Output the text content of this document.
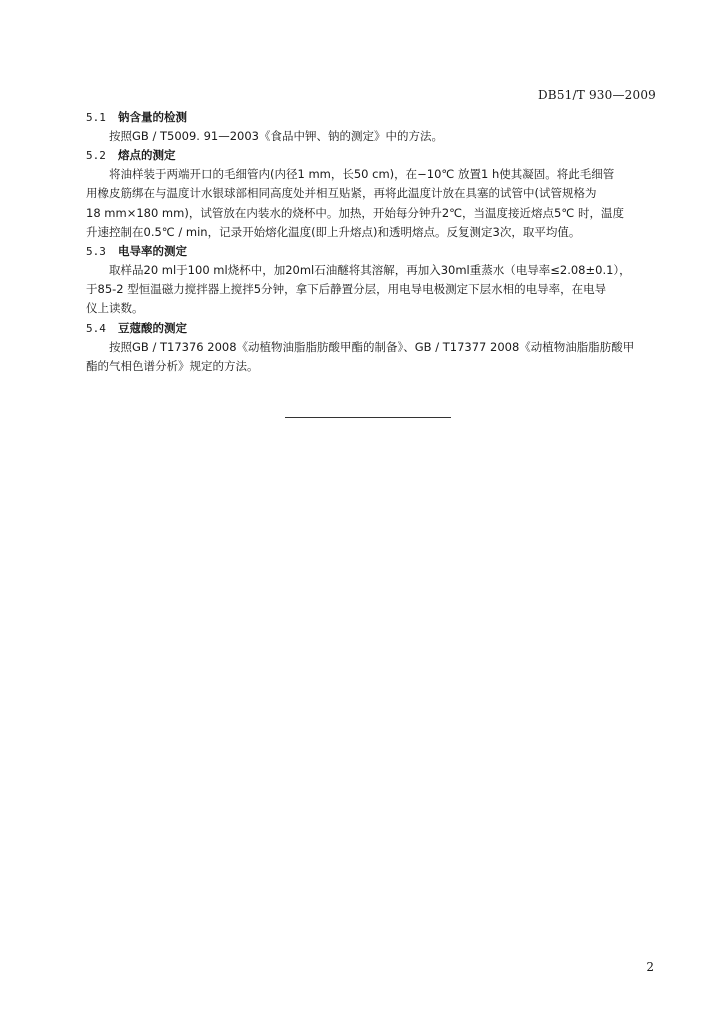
DB51/T 930—2009
5.1 钠含量的检测
按照GB / T5009. 91—2003《食品中钾、钠的测定》中的方法。
5.2 熔点的测定
将油样装于两端开口的毛细管内(内径1 mm，长50 cm)，在−10℃ 放置1 h使其凝固。将此毛细管
用橡皮筋绑在与温度计水银球部相同高度处并相互贴紧，再将此温度计放在具塞的试管中(试管规格为
18 mm×180 mm)，试管放在内装水的烧杯中。加热，开始每分钟升2℃，当温度接近熔点5℃ 时，温度
升速控制在0.5℃ / min，记录开始熔化温度(即上升熔点)和透明熔点。反复测定3次，取平均值。
5.3 电导率的测定
取样品20 ml于100 ml烧杯中，加20ml石油醚将其溶解，再加入30ml重蒸水（电导率≤2.08±0.1），
于85-2 型恒温磁力搅拌器上搅拌5分钟，拿下后静置分层，用电导电极测定下层水相的电导率，在电导
仪上读数。
5.4 豆蔻酸的测定
按照GB / T17376 2008《动植物油脂脂肪酸甲酯的制备》、GB / T17377 2008《动植物油脂脂肪酸甲
酯的气相色谱分析》规定的方法。
2
